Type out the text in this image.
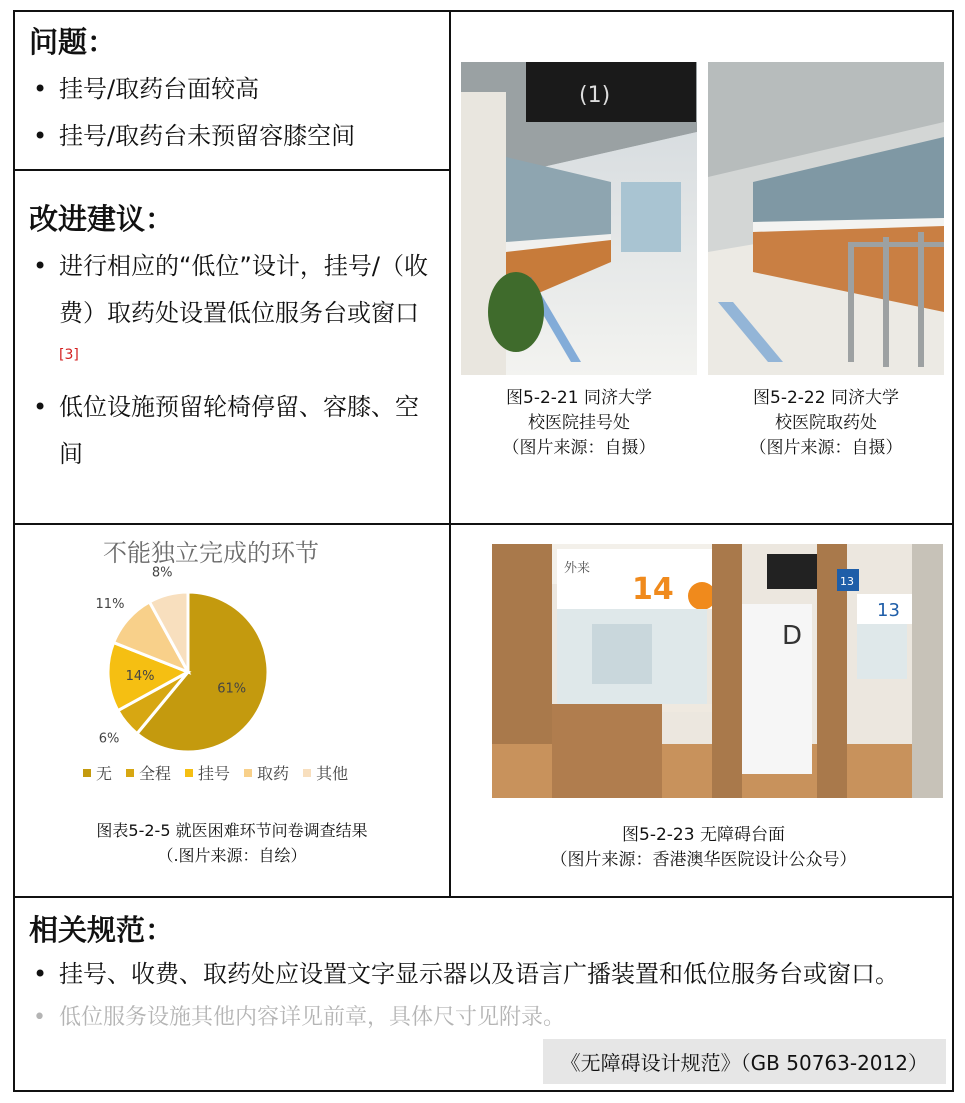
问题：
• 挂号/取药台面较高
• 挂号/取药台未预留容膝空间
改进建议：
• 进行相应的“低位”设计，挂号/（收费）取药处设置低位服务台或窗口[3]
• 低位设施预留轮椅停留、容膝、空间
(1)
图5-2-21 同济大学
校医院挂号处
（图片来源：自摄）
图5-2-22 同济大学
校医院取药处
（图片来源：自摄）
不能独立完成的环节
61%
6%
14%
11%
8%
无 全程 挂号 取药 其他
图表5-2-5 就医困难环节问卷调查结果
（.图片来源：自绘）
外来
14
D
13
13
图5-2-23 无障碍台面
（图片来源：香港澳华医院设计公众号）
相关规范：
• 挂号、收费、取药处应设置文字显示器以及语言广播装置和低位服务台或窗口。
• 低位服务设施其他内容详见前章，具体尺寸见附录。
《无障碍设计规范》（GB 50763-2012）
